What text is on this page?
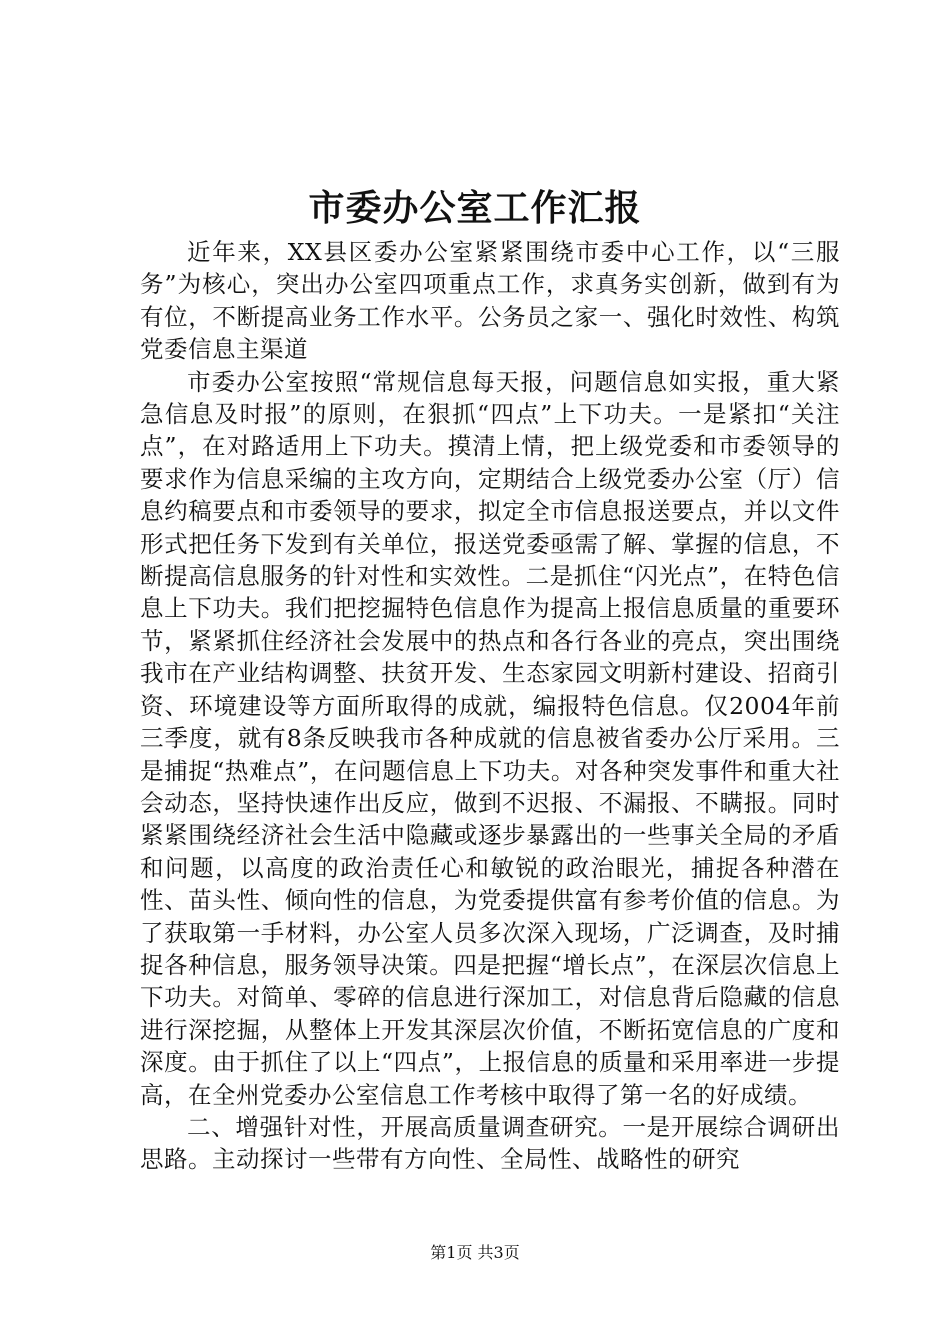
市委办公室工作汇报

近年来，XX县区委办公室紧紧围绕市委中心工作，以“三服务”为核心，突出办公室四项重点工作，求真务实创新，做到有为有位，不断提高业务工作水平。公务员之家一、强化时效性、构筑党委信息主渠道

市委办公室按照“常规信息每天报，问题信息如实报，重大紧急信息及时报”的原则，在狠抓“四点”上下功夫。一是紧扣“关注点”，在对路适用上下功夫。摸清上情，把上级党委和市委领导的要求作为信息采编的主攻方向，定期结合上级党委办公室（厅）信息约稿要点和市委领导的要求，拟定全市信息报送要点，并以文件形式把任务下发到有关单位，报送党委亟需了解、掌握的信息，不断提高信息服务的针对性和实效性。二是抓住“闪光点”，在特色信息上下功夫。我们把挖掘特色信息作为提高上报信息质量的重要环节，紧紧抓住经济社会发展中的热点和各行各业的亮点，突出围绕我市在产业结构调整、扶贫开发、生态家园文明新村建设、招商引资、环境建设等方面所取得的成就，编报特色信息。仅2004年前三季度，就有8条反映我市各种成就的信息被省委办公厅采用。三是捕捉“热难点”，在问题信息上下功夫。对各种突发事件和重大社会动态，坚持快速作出反应，做到不迟报、不漏报、不瞒报。同时紧紧围绕经济社会生活中隐藏或逐步暴露出的一些事关全局的矛盾和问题，以高度的政治责任心和敏锐的政治眼光，捕捉各种潜在性、苗头性、倾向性的信息，为党委提供富有参考价值的信息。为了获取第一手材料，办公室人员多次深入现场，广泛调查，及时捕捉各种信息，服务领导决策。四是把握“增长点”，在深层次信息上下功夫。对简单、零碎的信息进行深加工，对信息背后隐藏的信息进行深挖掘，从整体上开发其深层次价值，不断拓宽信息的广度和深度。由于抓住了以上“四点”，上报信息的质量和采用率进一步提高，在全州党委办公室信息工作考核中取得了第一名的好成绩。

二、增强针对性，开展高质量调查研究。一是开展综合调研出思路。主动探讨一些带有方向性、全局性、战略性的研究

第1页 共3页
